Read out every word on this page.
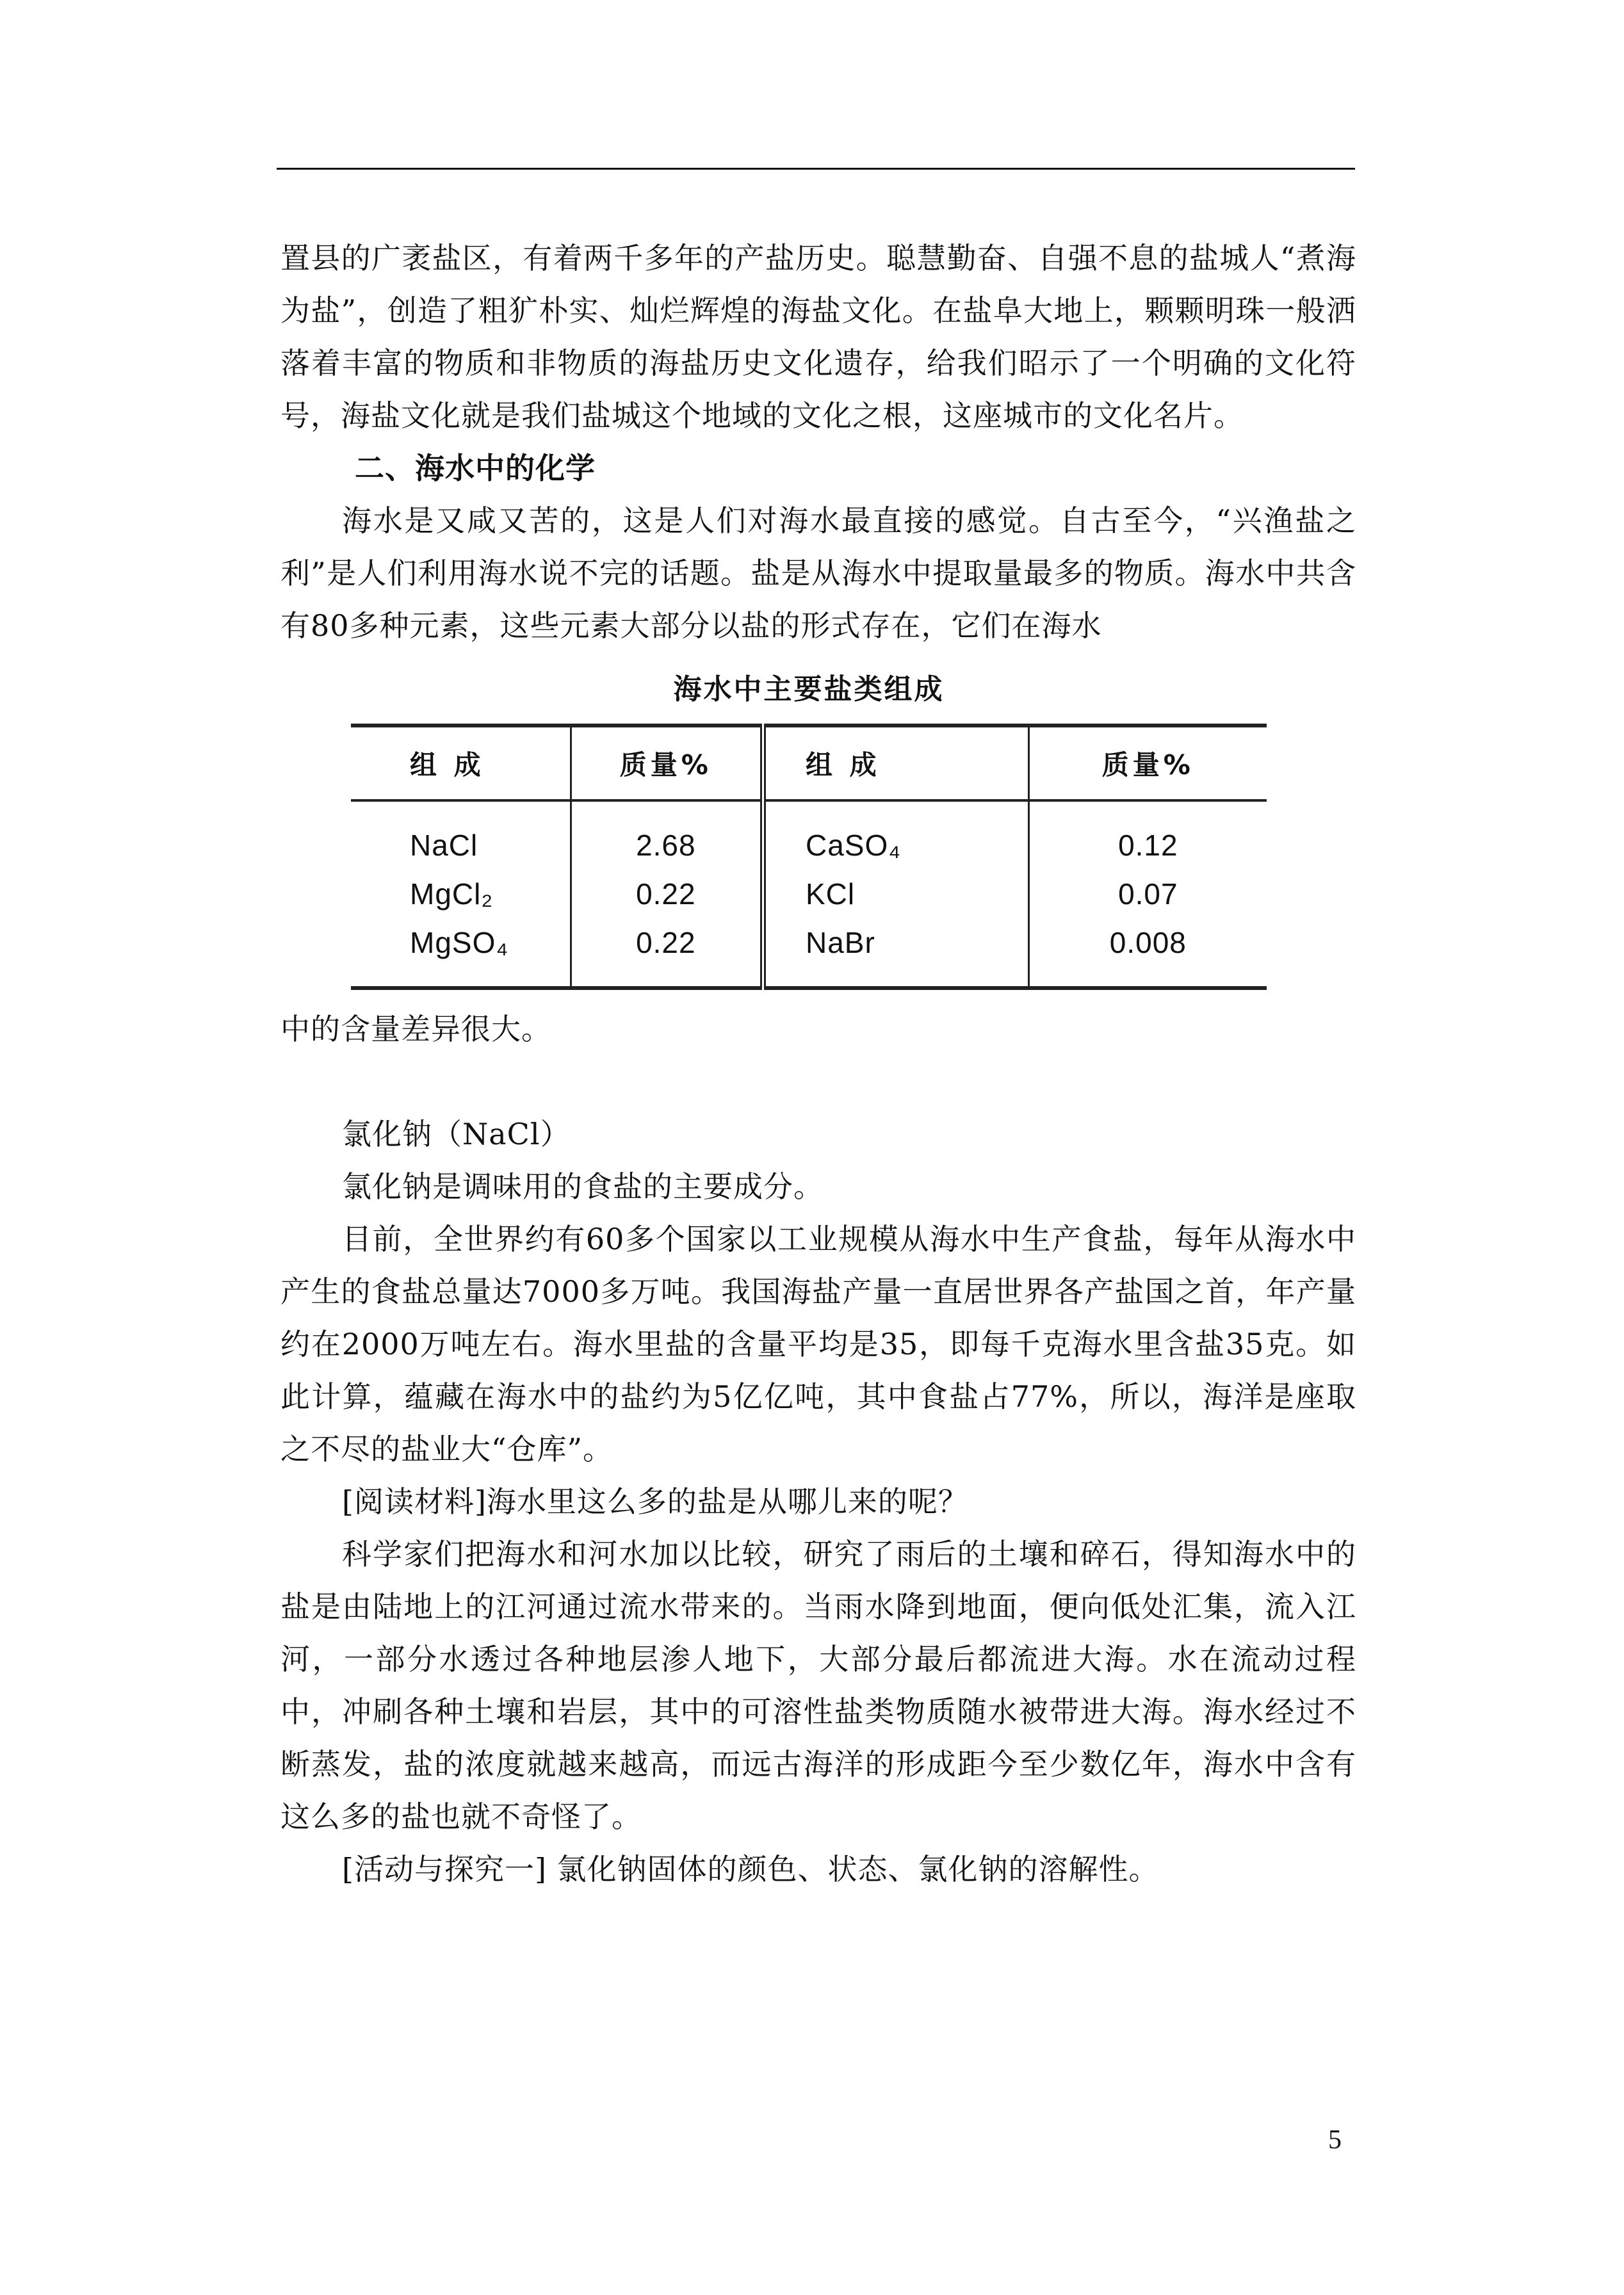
置县的广袤盐区，有着两千多年的产盐历史。聪慧勤奋、自强不息的盐城人“煮海为盐”，创造了粗犷朴实、灿烂辉煌的海盐文化。在盐阜大地上，颗颗明珠一般洒落着丰富的物质和非物质的海盐历史文化遗存，给我们昭示了一个明确的文化符号，海盐文化就是我们盐城这个地域的文化之根，这座城市的文化名片。

二、海水中的化学

海水是又咸又苦的，这是人们对海水最直接的感觉。自古至今，“兴渔盐之利”是人们利用海水说不完的话题。盐是从海水中提取量最多的物质。海水中共含有80多种元素，这些元素大部分以盐的形式存在，它们在海水

海水中主要盐类组成
组 成	质量%	组 成	质量%
NaCl	2.68	CaSO₄	0.12
MgCl₂	0.22	KCl	0.07
MgSO₄	0.22	NaBr	0.008

中的含量差异很大。

氯化钠（NaCl）

氯化钠是调味用的食盐的主要成分。

目前，全世界约有60多个国家以工业规模从海水中生产食盐，每年从海水中产生的食盐总量达7000多万吨。我国海盐产量一直居世界各产盐国之首，年产量约在2000万吨左右。海水里盐的含量平均是35，即每千克海水里含盐35克。如此计算，蕴藏在海水中的盐约为5亿亿吨，其中食盐占77%，所以，海洋是座取之不尽的盐业大“仓库”。

[阅读材料]海水里这么多的盐是从哪儿来的呢？

科学家们把海水和河水加以比较，研究了雨后的土壤和碎石，得知海水中的盐是由陆地上的江河通过流水带来的。当雨水降到地面，便向低处汇集，流入江河，一部分水透过各种地层渗人地下，大部分最后都流进大海。水在流动过程中，冲刷各种土壤和岩层，其中的可溶性盐类物质随水被带进大海。海水经过不断蒸发，盐的浓度就越来越高，而远古海洋的形成距今至少数亿年，海水中含有这么多的盐也就不奇怪了。

[活动与探究一] 氯化钠固体的颜色、状态、氯化钠的溶解性。

5
